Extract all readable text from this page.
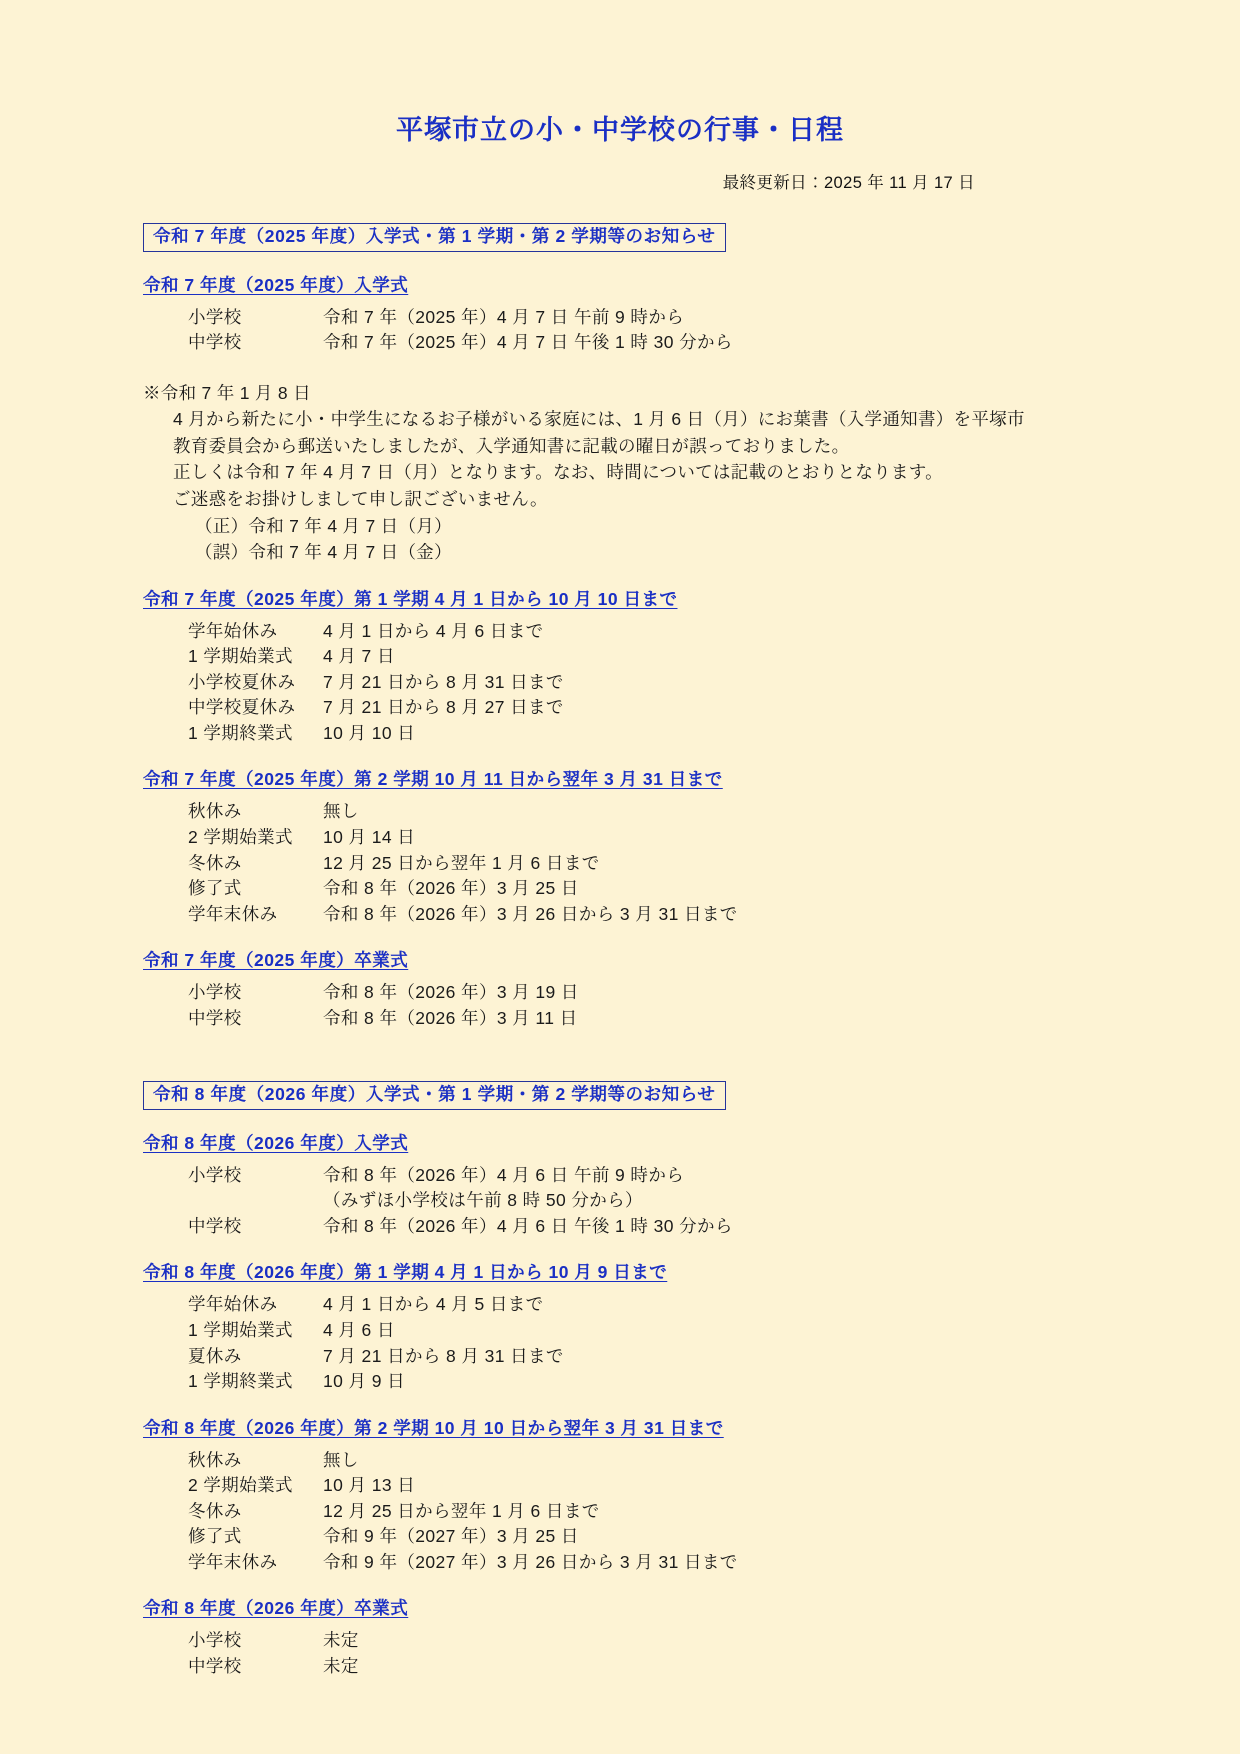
平塚市立の小・中学校の行事・日程
最終更新日：2025 年 11 月 17 日
令和 7 年度（2025 年度）入学式・第 1 学期・第 2 学期等のお知らせ
令和 7 年度（2025 年度）入学式
小学校	令和 7 年（2025 年）4 月 7 日 午前 9 時から
中学校	令和 7 年（2025 年）4 月 7 日 午後 1 時 30 分から
※令和 7 年 1 月 8 日
4 月から新たに小・中学生になるお子様がいる家庭には、1 月 6 日（月）にお葉書（入学通知書）を平塚市
教育委員会から郵送いたしましたが、入学通知書に記載の曜日が誤っておりました。
正しくは令和 7 年 4 月 7 日（月）となります。なお、時間については記載のとおりとなります。
ご迷惑をお掛けしまして申し訳ございません。
（正）令和 7 年 4 月 7 日（月）
（誤）令和 7 年 4 月 7 日（金）
令和 7 年度（2025 年度）第 1 学期 4 月 1 日から 10 月 10 日まで
学年始休み	4 月 1 日から 4 月 6 日まで
1 学期始業式	4 月 7 日
小学校夏休み	7 月 21 日から 8 月 31 日まで
中学校夏休み	7 月 21 日から 8 月 27 日まで
1 学期終業式	10 月 10 日
令和 7 年度（2025 年度）第 2 学期 10 月 11 日から翌年 3 月 31 日まで
秋休み	無し
2 学期始業式	10 月 14 日
冬休み	12 月 25 日から翌年 1 月 6 日まで
修了式	令和 8 年（2026 年）3 月 25 日
学年末休み	令和 8 年（2026 年）3 月 26 日から 3 月 31 日まで
令和 7 年度（2025 年度）卒業式
小学校	令和 8 年（2026 年）3 月 19 日
中学校	令和 8 年（2026 年）3 月 11 日
令和 8 年度（2026 年度）入学式・第 1 学期・第 2 学期等のお知らせ
令和 8 年度（2026 年度）入学式
小学校	令和 8 年（2026 年）4 月 6 日 午前 9 時から
（みずほ小学校は午前 8 時 50 分から）
中学校	令和 8 年（2026 年）4 月 6 日 午後 1 時 30 分から
令和 8 年度（2026 年度）第 1 学期 4 月 1 日から 10 月 9 日まで
学年始休み	4 月 1 日から 4 月 5 日まで
1 学期始業式	4 月 6 日
夏休み	7 月 21 日から 8 月 31 日まで
1 学期終業式	10 月 9 日
令和 8 年度（2026 年度）第 2 学期 10 月 10 日から翌年 3 月 31 日まで
秋休み	無し
2 学期始業式	10 月 13 日
冬休み	12 月 25 日から翌年 1 月 6 日まで
修了式	令和 9 年（2027 年）3 月 25 日
学年末休み	令和 9 年（2027 年）3 月 26 日から 3 月 31 日まで
令和 8 年度（2026 年度）卒業式
小学校	未定
中学校	未定
